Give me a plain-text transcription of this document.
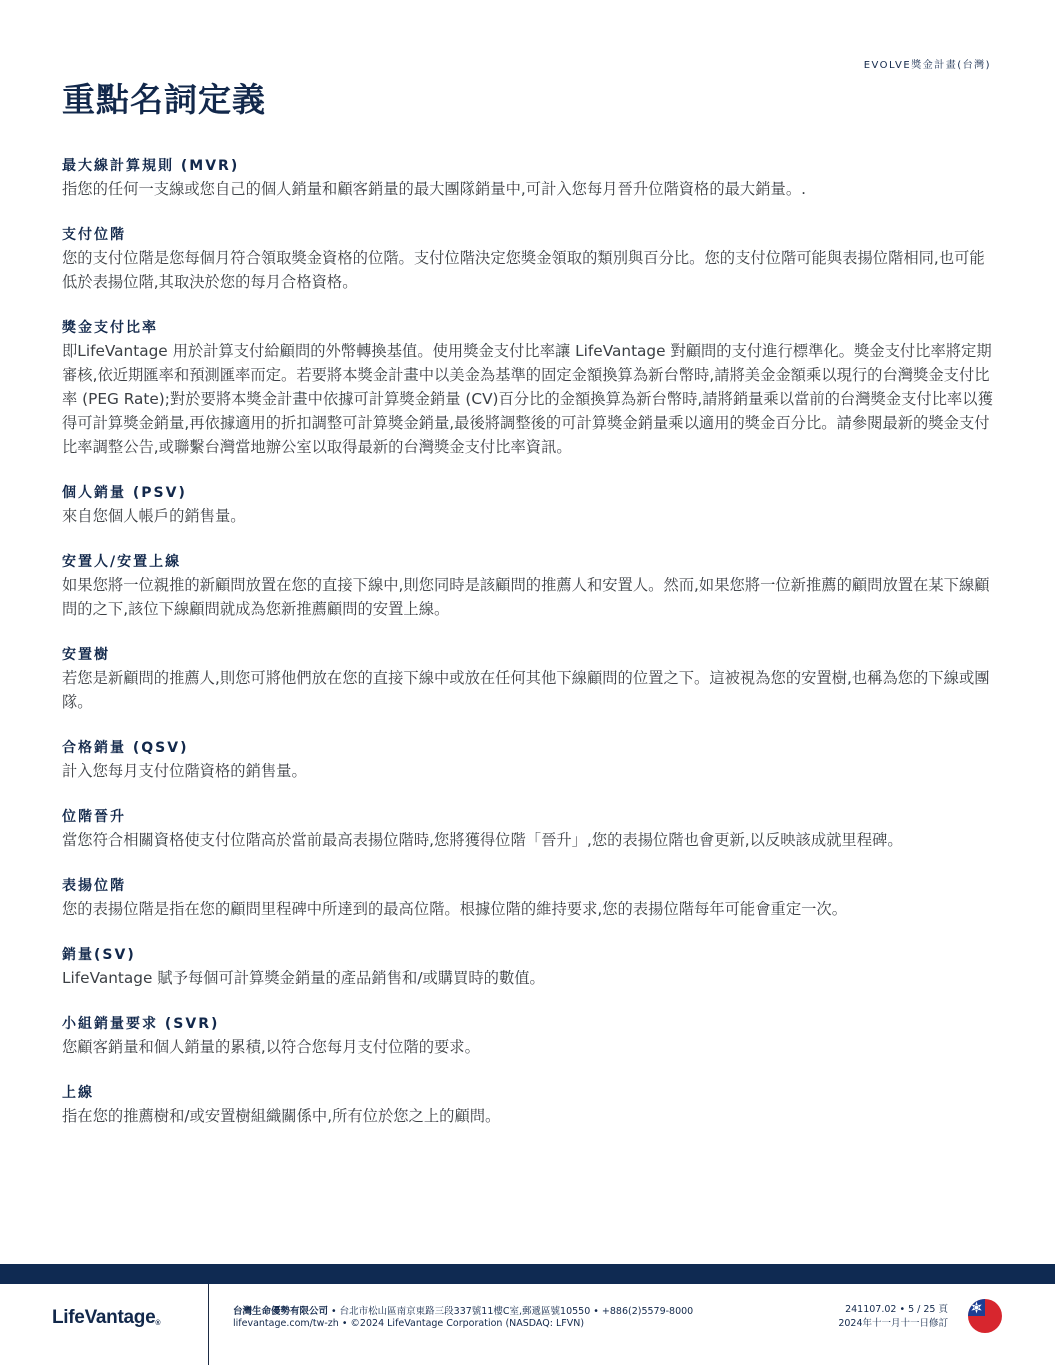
EVOLVE獎金計畫(台灣)
重點名詞定義
最大線計算規則 (MVR)
指您的任何一支線或您自己的個人銷量和顧客銷量的最大團隊銷量中,可計入您每月晉升位階資格的最大銷量。.
支付位階
您的支付位階是您每個月符合領取獎金資格的位階。支付位階決定您獎金領取的類別與百分比。您的支付位階可能與表揚位階相同,也可能低於表揚位階,其取決於您的每月合格資格。
獎金支付比率
即LifeVantage 用於計算支付給顧問的外幣轉換基值。使用獎金支付比率讓 LifeVantage 對顧問的支付進行標準化。獎金支付比率將定期審核,依近期匯率和預測匯率而定。若要將本獎金計畫中以美金為基準的固定金額換算為新台幣時,請將美金金額乘以現行的台灣獎金支付比率 (PEG Rate);對於要將本獎金計畫中依據可計算獎金銷量 (CV)百分比的金額換算為新台幣時,請將銷量乘以當前的台灣獎金支付比率以獲得可計算獎金銷量,再依據適用的折扣調整可計算獎金銷量,最後將調整後的可計算獎金銷量乘以適用的獎金百分比。請參閱最新的獎金支付比率調整公告,或聯繫台灣當地辦公室以取得最新的台灣獎金支付比率資訊。
個人銷量 (PSV)
來自您個人帳戶的銷售量。
安置人/安置上線
如果您將一位親推的新顧問放置在您的直接下線中,則您同時是該顧問的推薦人和安置人。然而,如果您將一位新推薦的顧問放置在某下線顧問的之下,該位下線顧問就成為您新推薦顧問的安置上線。
安置樹
若您是新顧問的推薦人,則您可將他們放在您的直接下線中或放在任何其他下線顧問的位置之下。這被視為您的安置樹,也稱為您的下線或團隊。
合格銷量 (QSV)
計入您每月支付位階資格的銷售量。
位階晉升
當您符合相關資格使支付位階高於當前最高表揚位階時,您將獲得位階「晉升」,您的表揚位階也會更新,以反映該成就里程碑。
表揚位階
您的表揚位階是指在您的顧問里程碑中所達到的最高位階。根據位階的維持要求,您的表揚位階每年可能會重定一次。
銷量(SV)
LifeVantage 賦予每個可計算獎金銷量的產品銷售和/或購買時的數值。
小組銷量要求 (SVR)
您顧客銷量和個人銷量的累積,以符合您每月支付位階的要求。
上線
指在您的推薦樹和/或安置樹組織關係中,所有位於您之上的顧問。
LifeVantage®
台灣生命優勢有限公司 • 台北市松山區南京東路三段337號11樓C室,郵遞區號10550 • +886(2)5579-8000
lifevantage.com/tw-zh • ©2024 LifeVantage Corporation (NASDAQ: LFVN)
241107.02 • 5 / 25 頁
2024年十一月十一日修訂
